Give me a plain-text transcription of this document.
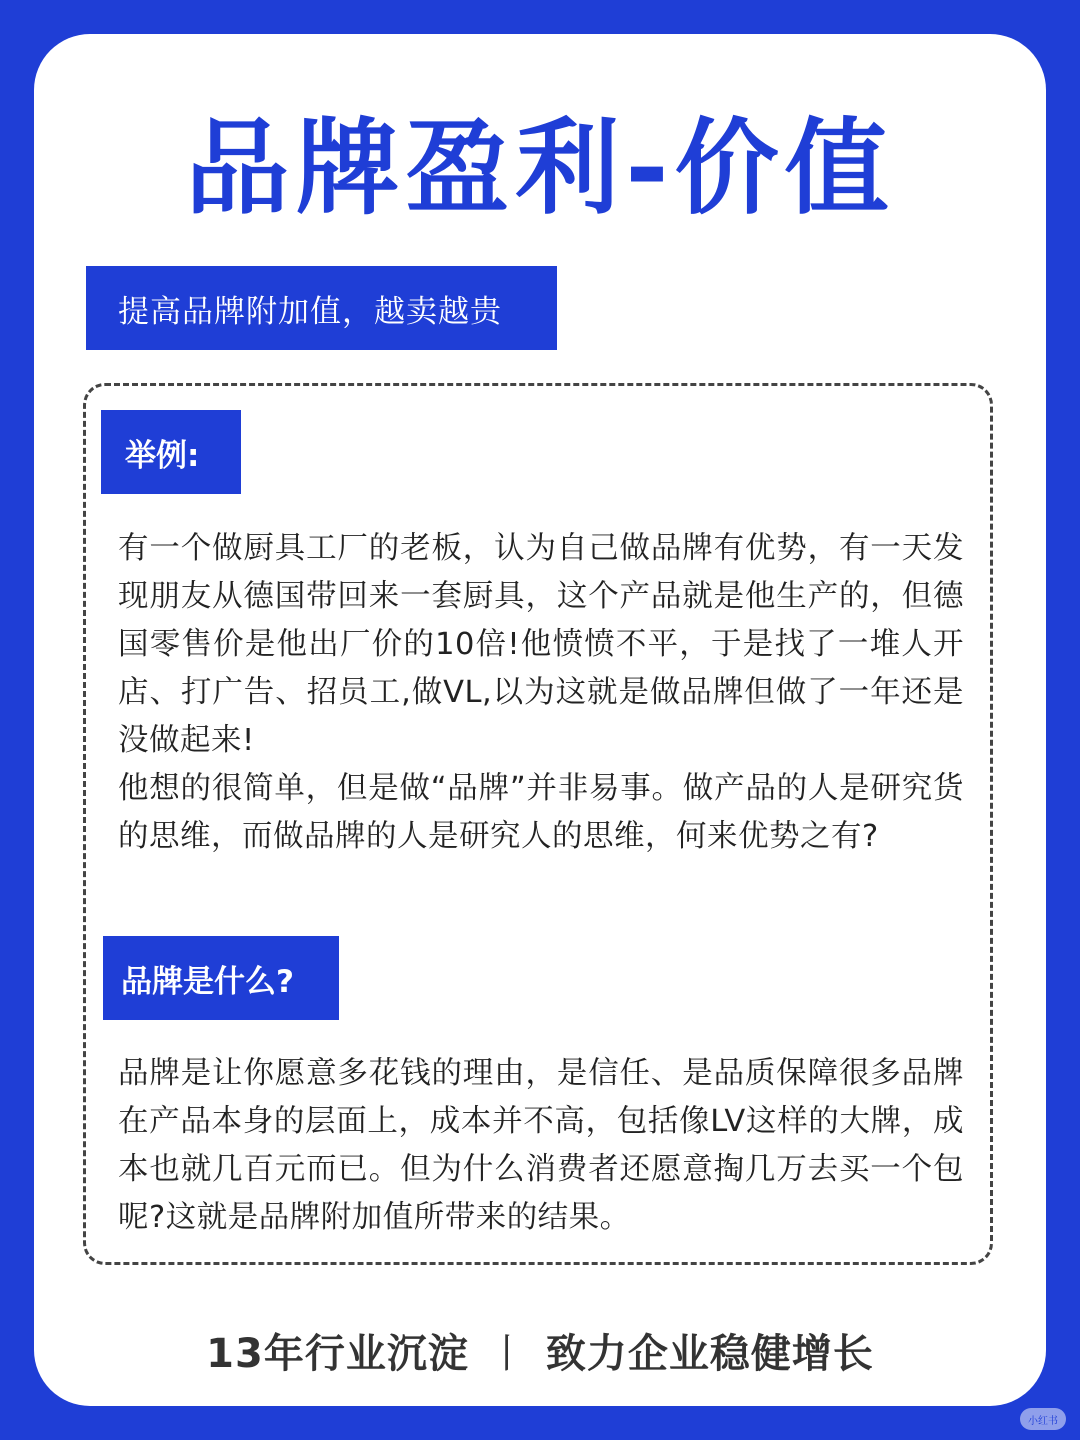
品牌盈利-价值
提高品牌附加值，越卖越贵
举例:

有一个做厨具工厂的老板，认为自己做品牌有优势，有一天发现朋友从德国带回来一套厨具，这个产品就是他生产的，但德国零售价是他出厂价的10倍!他愤愤不平，于是找了一堆人开店、打广告、招员工,做VL,以为这就是做品牌但做了一年还是没做起来!

他想的很简单，但是做“品牌”并非易事。做产品的人是研究货的思维，而做品牌的人是研究人的思维，何来优势之有?

品牌是什么?

品牌是让你愿意多花钱的理由，是信任、是品质保障很多品牌在产品本身的层面上，成本并不高，包括像LV这样的大牌，成本也就几百元而已。但为什么消费者还愿意掏几万去买一个包呢?这就是品牌附加值所带来的结果。

13年行业沉淀 丨 致力企业稳健增长
小红书
